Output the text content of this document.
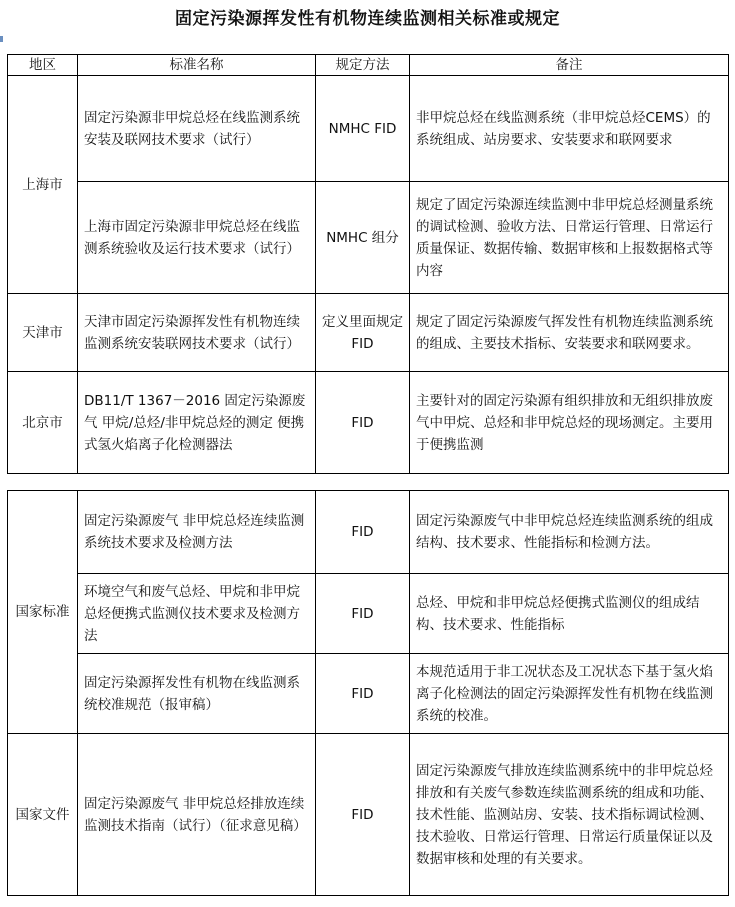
固定污染源挥发性有机物连续监测相关标准或规定
地区	标准名称	规定方法	备注
上海市	固定污染源非甲烷总烃在线监测系统安装及联网技术要求（试行）	NMHC FID	非甲烷总烃在线监测系统（非甲烷总烃CEMS）的系统组成、站房要求、安装要求和联网要求
	上海市固定污染源非甲烷总烃在线监测系统验收及运行技术要求（试行）	NMHC 组分	规定了固定污染源连续监测中非甲烷总烃测量系统的调试检测、验收方法、日常运行管理、日常运行质量保证、数据传输、数据审核和上报数据格式等内容
天津市	天津市固定污染源挥发性有机物连续监测系统安装联网技术要求（试行）	定义里面规定FID	规定了固定污染源废气挥发性有机物连续监测系统的组成、主要技术指标、安装要求和联网要求。
北京市	DB11/T 1367－2016 固定污染源废气 甲烷/总烃/非甲烷总烃的测定 便携式氢火焰离子化检测器法	FID	主要针对的固定污染源有组织排放和无组织排放废气中甲烷、总烃和非甲烷总烃的现场测定。主要用于便携监测
国家标准	固定污染源废气 非甲烷总烃连续监测系统技术要求及检测方法	FID	固定污染源废气中非甲烷总烃连续监测系统的组成结构、技术要求、性能指标和检测方法。
	环境空气和废气总烃、甲烷和非甲烷总烃便携式监测仪技术要求及检测方法	FID	总烃、甲烷和非甲烷总烃便携式监测仪的组成结构、技术要求、性能指标
	固定污染源挥发性有机物在线监测系统校准规范（报审稿）	FID	本规范适用于非工况状态及工况状态下基于氢火焰离子化检测法的固定污染源挥发性有机物在线监测系统的校准。
国家文件	固定污染源废气 非甲烷总烃排放连续监测技术指南（试行）（征求意见稿）	FID	固定污染源废气排放连续监测系统中的非甲烷总烃排放和有关废气参数连续监测系统的组成和功能、技术性能、监测站房、安装、技术指标调试检测、技术验收、日常运行管理、日常运行质量保证以及数据审核和处理的有关要求。
